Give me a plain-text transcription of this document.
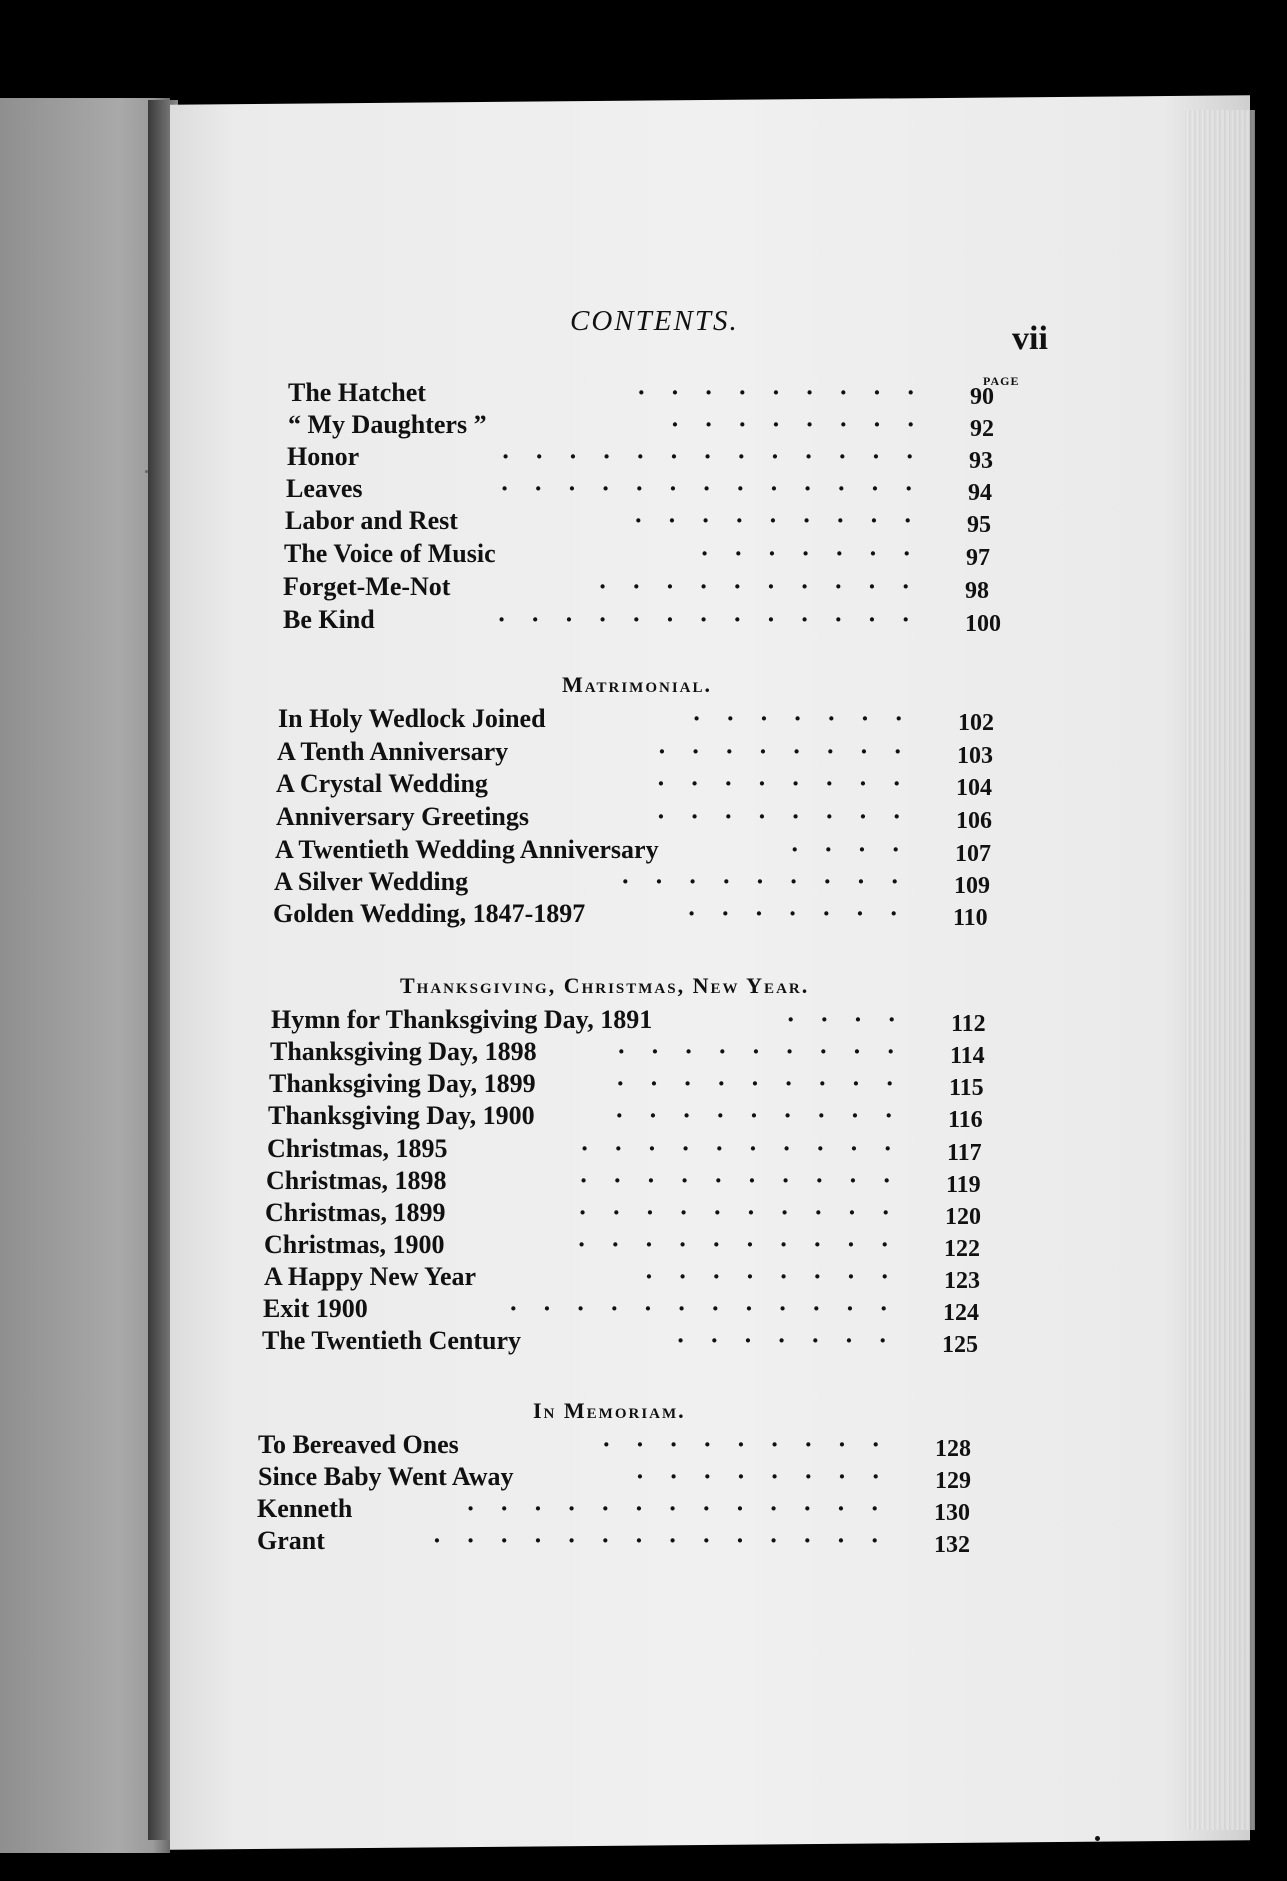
CONTENTS.	vii
PAGE
The Hatchet	········· 90
“ My Daughters ”	········ 92
Honor	············· 93
Leaves	············· 94
Labor and Rest	········· 95
The Voice of Music	······· 97
Forget-Me-Not	·········· 98
Be Kind	············· 100
Matrimonial.
In Holy Wedlock Joined	······· 102
A Tenth Anniversary	········ 103
A Crystal Wedding	········ 104
Anniversary Greetings	········ 106
A Twentieth Wedding Anniversary	···· 107
A Silver Wedding	········· 109
Golden Wedding, 1847-1897	······· 110
Thanksgiving, Christmas, New Year.
Hymn for Thanksgiving Day, 1891	···· 112
Thanksgiving Day, 1898	········· 114
Thanksgiving Day, 1899	········· 115
Thanksgiving Day, 1900	········· 116
Christmas, 1895	·········· 117
Christmas, 1898	·········· 119
Christmas, 1899	·········· 120
Christmas, 1900	·········· 122
A Happy New Year	········ 123
Exit 1900	············ 124
The Twentieth Century	······· 125
In Memoriam.
To Bereaved Ones	········· 128
Since Baby Went Away	········ 129
Kenneth	············· 130
Grant	·············· 132
